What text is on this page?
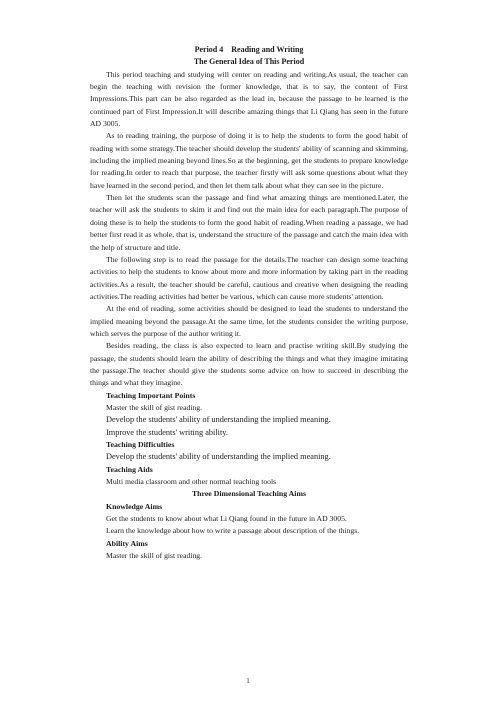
Period 4    Reading and Writing

The General Idea of This Period

This period teaching and studying will center on reading and writing.As usual, the teacher can begin the teaching with revision the former knowledge, that is to say, the content of First Impressions.This part can be also regarded as the lead in, because the passage to be learned is the continued part of First Impression.It will describe amazing things that Li Qiang has seen in the future AD 3005.

As to reading training, the purpose of doing it is to help the students to form the good habit of reading with some strategy.The teacher should develop the students' ability of scanning and skimming, including the implied meaning beyond lines.So at the beginning, get the students to prepare knowledge for reading.In order to reach that purpose, the teacher firstly will ask some questions about what they have learned in the second period, and then let them talk about what they can see in the picture.

Then let the students scan the passage and find what amazing things are mentioned.Later, the teacher will ask the students to skim it and find out the main idea for each paragraph.The purpose of doing these is to help the students to form the good habit of reading.When reading a passage, we had better first read it as whole, that is, understand the structure of the passage and catch the main idea with the help of structure and title.

The following step is to read the passage for the details.The teacher can design some teaching activities to help the students to know about more and more information by taking part in the reading activities.As a result, the teacher should be careful, cautious and creative when designing the reading activities.The reading activities had better be various, which can cause more students' attention.

At the end of reading, some activities should be designed to lead the students to understand the implied meaning beyond the passage.At the same time, let the students consider the writing purpose, which serves the purpose of the author writing it.

Besides reading, the class is also expected to learn and practise writing skill.By studying the passage, the students should learn the ability of describing the things and what they imagine imitating the passage.The teacher should give the students some advice on how to succeed in describing the things and what they imagine.

Teaching Important Points

Master the skill of gist reading.

Develop the students' ability of understanding the implied meaning.

Improve the students' writing ability.

Teaching Difficulties

Develop the students' ability of understanding the implied meaning.

Teaching Aids

Multi media classroom and other normal teaching tools

Three Dimensional Teaching Aims

Knowledge Aims

Get the students to know about what Li Qiang found in the future in AD 3005.

Learn the knowledge about how to write a passage about description of the things.

Ability Aims

Master the skill of gist reading.

1
